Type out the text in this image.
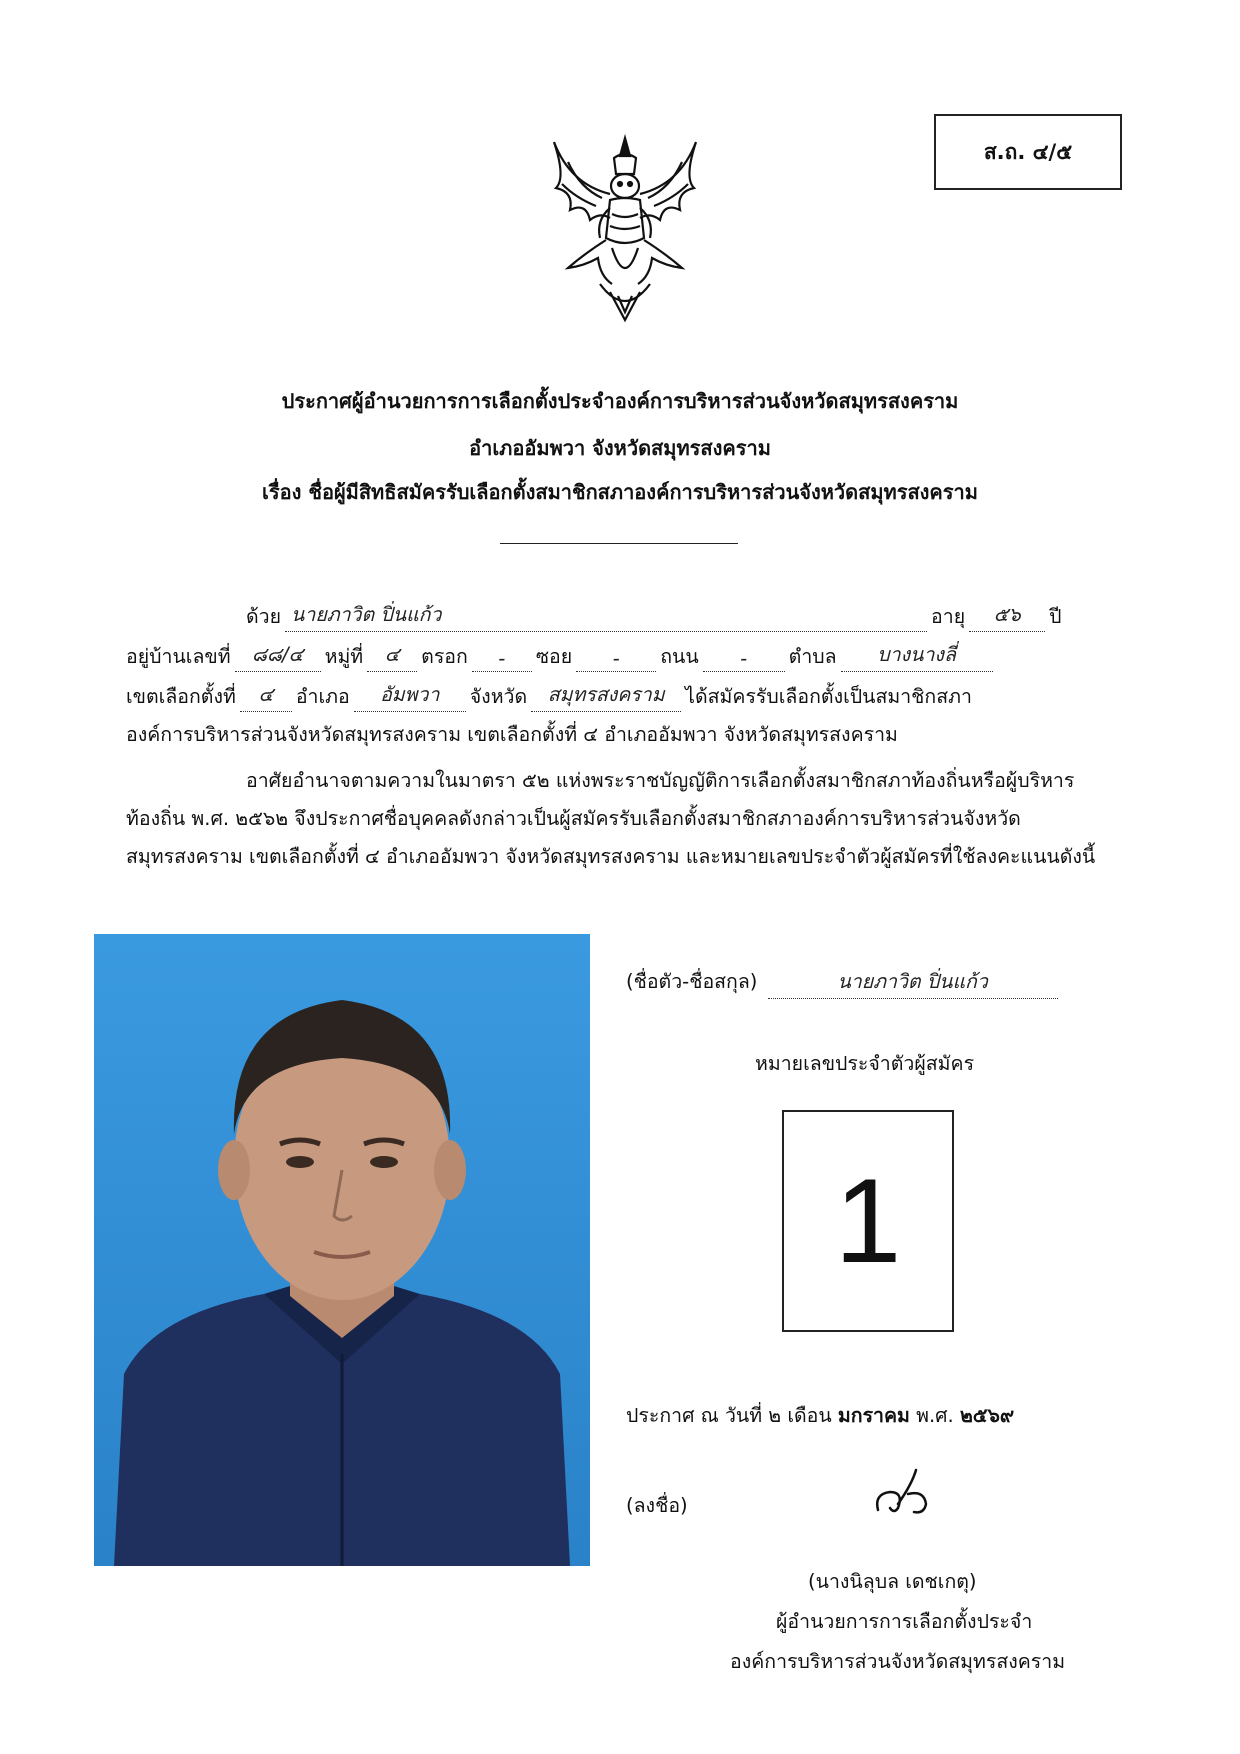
ส.ถ. ๔/๕
ประกาศผู้อำนวยการการเลือกตั้งประจำองค์การบริหารส่วนจังหวัดสมุทรสงคราม
อำเภออัมพวา จังหวัดสมุทรสงคราม
เรื่อง ชื่อผู้มีสิทธิสมัครรับเลือกตั้งสมาชิกสภาองค์การบริหารส่วนจังหวัดสมุทรสงคราม
ด้วย นายภาวิต ปิ่นแก้ว	อายุ	๕๖	ปี
อยู่บ้านเลขที่	๘๘/๔	หมู่ที่	๔	ตรอก	-	ซอย	-	ถนน	-	ตำบล	บางนางลี่
เขตเลือกตั้งที่	๔	อำเภอ	อัมพวา	จังหวัด	สมุทรสงคราม	ได้สมัครรับเลือกตั้งเป็นสมาชิกสภา
องค์การบริหารส่วนจังหวัดสมุทรสงคราม เขตเลือกตั้งที่ ๔ อำเภออัมพวา จังหวัดสมุทรสงคราม
อาศัยอำนาจตามความในมาตรา ๕๒ แห่งพระราชบัญญัติการเลือกตั้งสมาชิกสภาท้องถิ่นหรือผู้บริหารท้องถิ่น พ.ศ. ๒๕๖๒ จึงประกาศชื่อบุคคลดังกล่าวเป็นผู้สมัครรับเลือกตั้งสมาชิกสภาองค์การบริหารส่วนจังหวัดสมุทรสงคราม เขตเลือกตั้งที่ ๔ อำเภออัมพวา จังหวัดสมุทรสงคราม และหมายเลขประจำตัวผู้สมัครที่ใช้ลงคะแนนดังนี้
(ชื่อตัว-ชื่อสกุล)	นายภาวิต ปิ่นแก้ว
หมายเลขประจำตัวผู้สมัคร
1
ประกาศ ณ วันที่ ๒ เดือน มกราคม พ.ศ. ๒๕๖๙
(ลงชื่อ)
(นางนิลุบล เดชเกตุ)
ผู้อำนวยการการเลือกตั้งประจำ
องค์การบริหารส่วนจังหวัดสมุทรสงคราม
